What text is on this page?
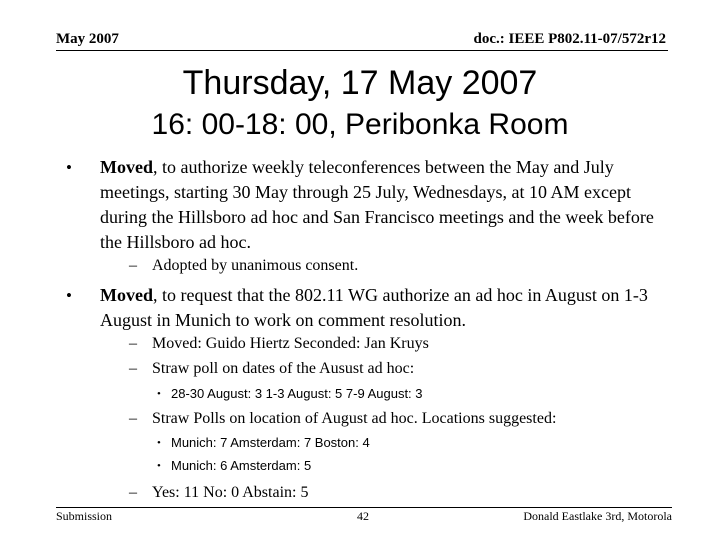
May 2007	doc.: IEEE P802.11-07/572r12
Thursday, 17 May 2007
16: 00-18: 00, Peribonka Room
• Moved, to authorize weekly teleconferences between the May and July meetings, starting 30 May through 25 July, Wednesdays, at 10 AM except during the Hillsboro ad hoc and San Francisco meetings and the week before the Hillsboro ad hoc.
– Adopted by unanimous consent.
• Moved, to request that the 802.11 WG authorize an ad hoc in August on 1-3 August in Munich to work on comment resolution.
– Moved: Guido Hiertz Seconded: Jan Kruys
– Straw poll on dates of the Ausust ad hoc:
• 28-30 August: 3 1-3 August: 5 7-9 August: 3
– Straw Polls on location of August ad hoc. Locations suggested:
• Munich: 7 Amsterdam: 7 Boston: 4
• Munich: 6 Amsterdam: 5
– Yes: 11 No: 0 Abstain: 5
Submission	42	Donald Eastlake 3rd, Motorola
